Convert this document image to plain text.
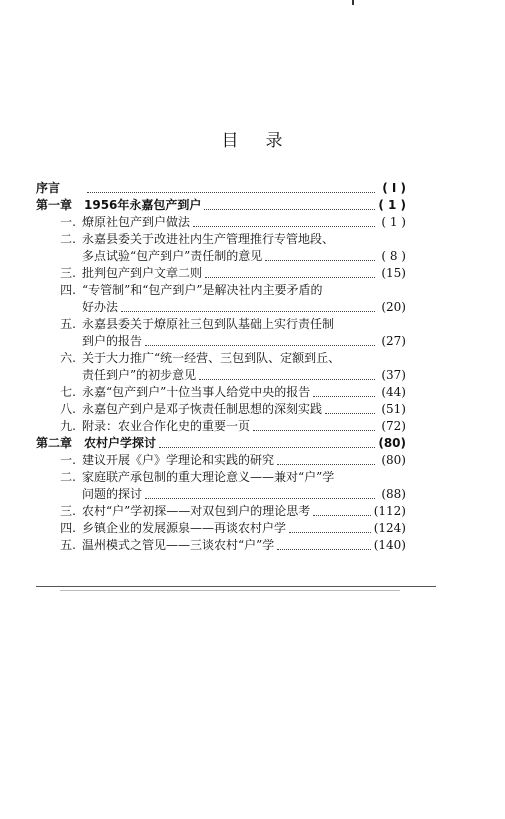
目 录
序言	( Ⅰ )
第一章 1956年永嘉包产到户	( 1 )
一. 燎原社包产到户做法	( 1 )
二. 永嘉县委关于改进社内生产管理推行专管地段、
多点试验“包产到户”责任制的意见	( 8 )
三. 批判包产到户文章二则	(15)
四. “专管制”和“包产到户”是解决社内主要矛盾的
好办法	(20)
五. 永嘉县委关于燎原社三包到队基础上实行责任制
到户的报告	(27)
六. 关于大力推广“统一经营、三包到队、定额到丘、
责任到户”的初步意见	(37)
七. 永嘉“包产到户”十位当事人给党中央的报告	(44)
八. 永嘉包产到户是邓子恢责任制思想的深刻实践	(51)
九. 附录：农业合作化史的重要一页	(72)
第二章 农村户学探讨	(80)
一. 建议开展《户》学理论和实践的研究	(80)
二. 家庭联产承包制的重大理论意义——兼对“户”学
问题的探讨	(88)
三. 农村“户”学初探——对双包到户的理论思考	(112)
四. 乡镇企业的发展源泉——再谈农村户学	(124)
五. 温州模式之管见——三谈农村“户”学	(140)
